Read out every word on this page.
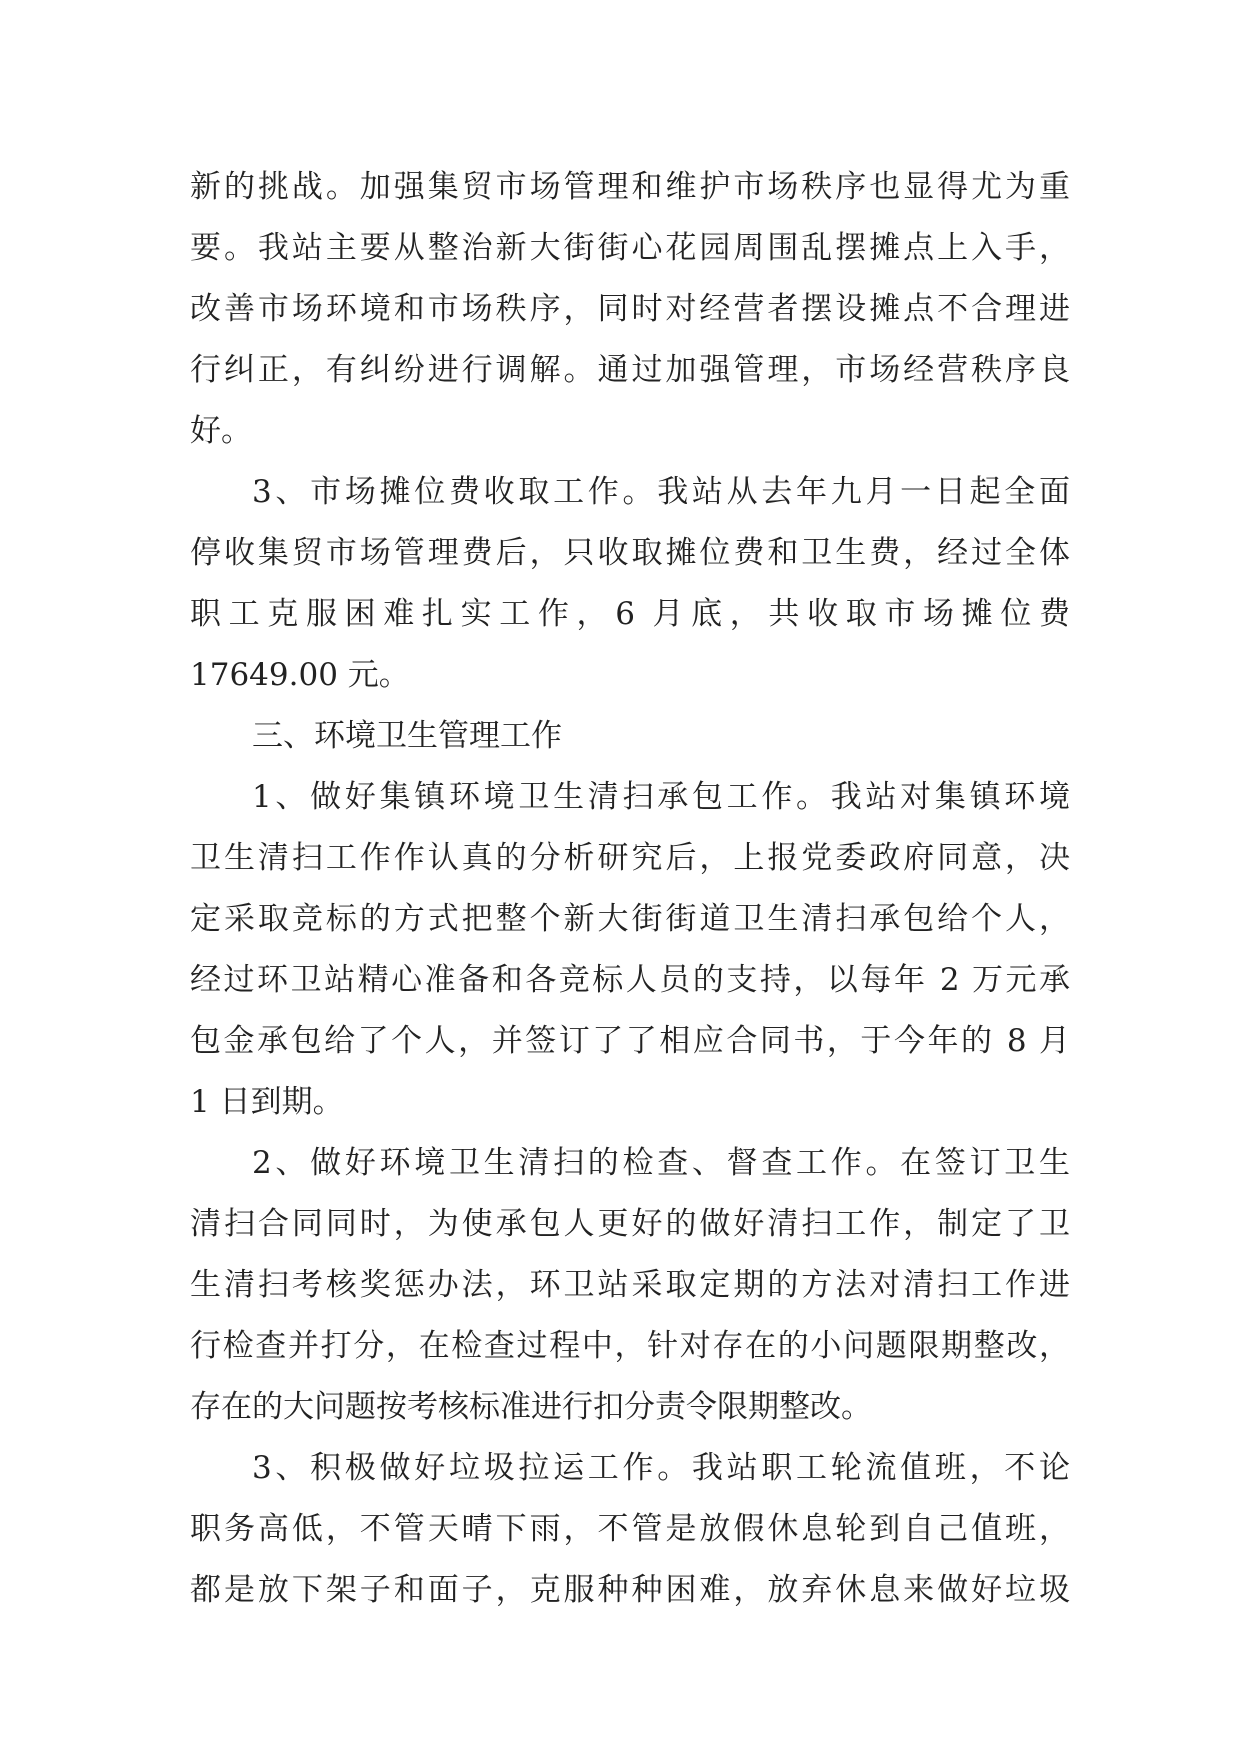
新的挑战。加强集贸市场管理和维护市场秩序也显得尤为重
要。我站主要从整治新大街街心花园周围乱摆摊点上入手，
改善市场环境和市场秩序，同时对经营者摆设摊点不合理进
行纠正，有纠纷进行调解。通过加强管理，市场经营秩序良
好。
3、市场摊位费收取工作。我站从去年九月一日起全面
停收集贸市场管理费后，只收取摊位费和卫生费，经过全体
职工克服困难扎实工作，6 月底，共收取市场摊位费
17649.00 元。
三、环境卫生管理工作
1、做好集镇环境卫生清扫承包工作。我站对集镇环境
卫生清扫工作作认真的分析研究后，上报党委政府同意，决
定采取竞标的方式把整个新大街街道卫生清扫承包给个人，
经过环卫站精心准备和各竞标人员的支持，以每年 2 万元承
包金承包给了个人，并签订了了相应合同书，于今年的 8 月
1 日到期。
2、做好环境卫生清扫的检查、督查工作。在签订卫生
清扫合同同时，为使承包人更好的做好清扫工作，制定了卫
生清扫考核奖惩办法，环卫站采取定期的方法对清扫工作进
行检查并打分，在检查过程中，针对存在的小问题限期整改，
存在的大问题按考核标准进行扣分责令限期整改。
3、积极做好垃圾拉运工作。我站职工轮流值班，不论
职务高低，不管天晴下雨，不管是放假休息轮到自己值班，
都是放下架子和面子，克服种种困难，放弃休息来做好垃圾
